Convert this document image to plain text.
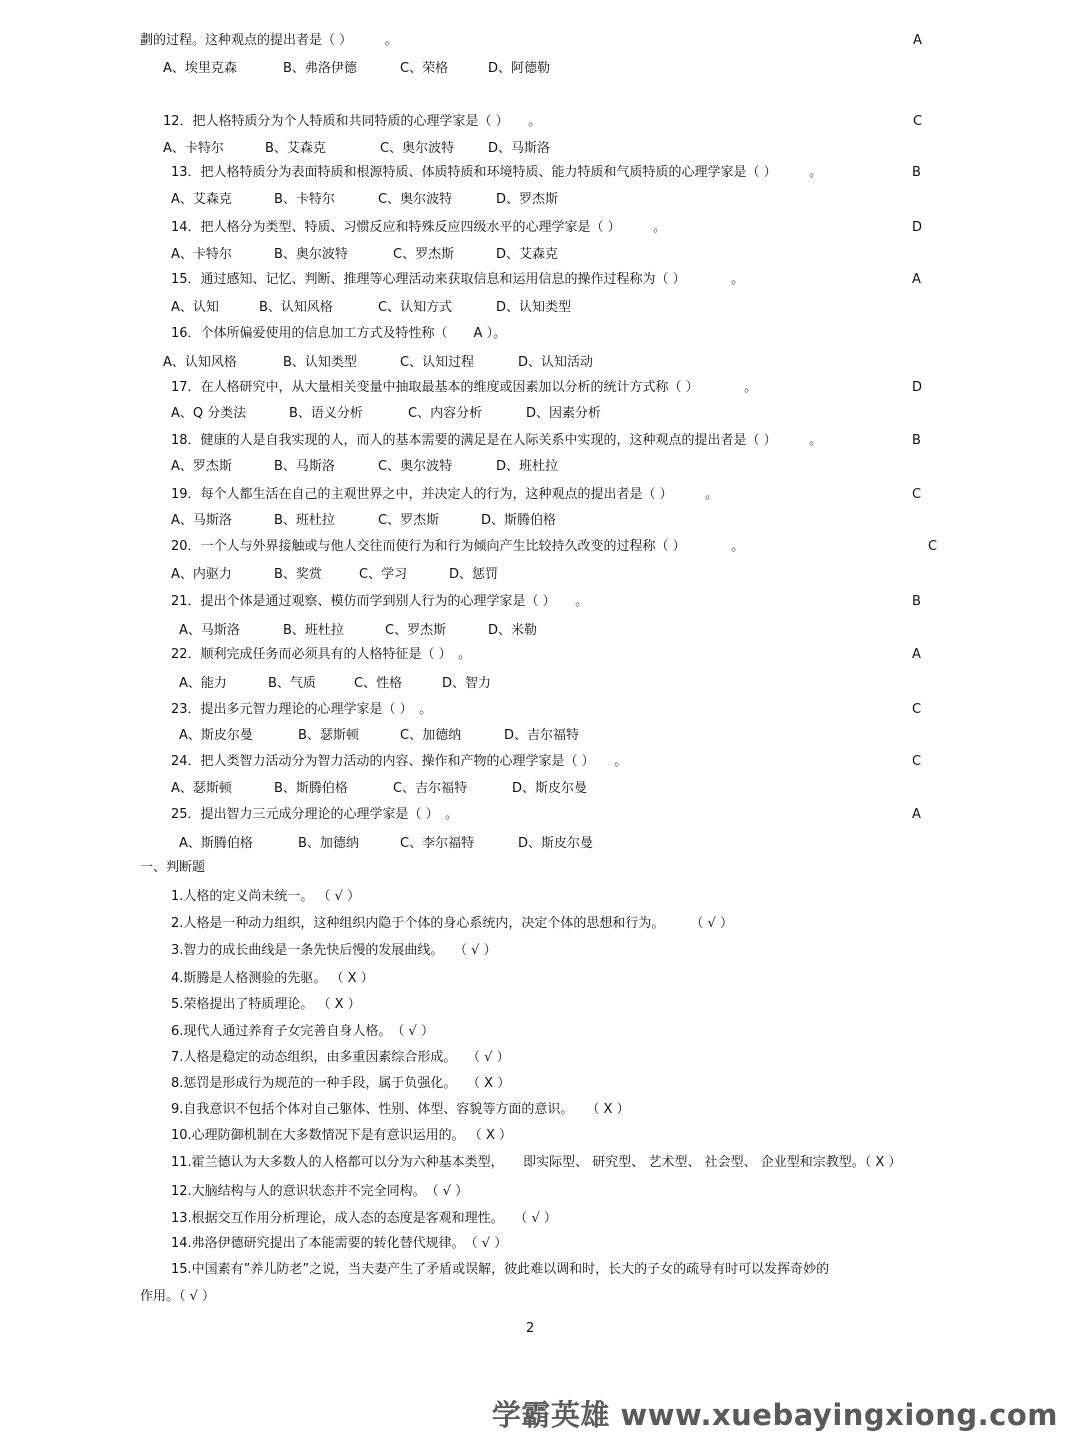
劃的过程。这种观点的提出者是（ ）　　　。	A
A、埃里克森	B、弗洛伊德	C、荣格	D、阿德勒
12．把人格特质分为个人特质和共同特质的心理学家是（ ）　　。	C
A、卡特尔	B、艾森克	C、奥尔波特	D、马斯洛
13．把人格特质分为表面特质和根源特质、体质特质和环境特质、能力特质和气质特质的心理学家是（ ）　　　。	B
A、艾森克	B、卡特尔	C、奥尔波特	D、罗杰斯
14．把人格分为类型、特质、习惯反应和特殊反应四级水平的心理学家是（ ）　　　。	D
A、卡特尔	B、奥尔波特	C、罗杰斯	D、艾森克
15．通过感知、记忆、判断、推理等心理活动来获取信息和运用信息的操作过程称为（ ）　　　　。	A
A、认知	B、认知风格	C、认知方式	D、认知类型
16．个体所偏爱使用的信息加工方式及特性称（　　A ）。
A、认知风格	B、认知类型	C、认知过程	D、认知活动
17．在人格研究中，从大量相关变量中抽取最基本的维度或因素加以分析的统计方式称（ ）　　　　。	D
A、Q 分类法	B、语义分析	C、内容分析	D、因素分析
18．健康的人是自我实现的人，而人的基本需要的满足是在人际关系中实现的，这种观点的提出者是（ ）　　　。	B
A、罗杰斯	B、马斯洛	C、奥尔波特	D、班杜拉
19．每个人都生活在自己的主观世界之中，并决定人的行为，这种观点的提出者是（ ）　　　。	C
A、马斯洛	B、班杜拉	C、罗杰斯	D、斯腾伯格
20．一个人与外界接触或与他人交往而使行为和行为倾向产生比较持久改变的过程称（ ）　　　　。	C
A、内驱力	B、奖赏	C、学习	D、惩罚
21．提出个体是通过观察、模仿而学到别人行为的心理学家是（ ）　　。	B
A、马斯洛	B、班杜拉	C、罗杰斯	D、米勒
22．顺利完成任务而必须具有的人格特征是（ ）　。	A
A、能力	B、气质	C、性格	D、智力
23．提出多元智力理论的心理学家是（ ）　。	C
A、斯皮尔曼	B、瑟斯顿	C、加德纳	D、吉尔福特
24．把人类智力活动分为智力活动的内容、操作和产物的心理学家是（ ）　　。	C
A、瑟斯顿	B、斯腾伯格	C、吉尔福特	D、斯皮尔曼
25．提出智力三元成分理论的心理学家是（ ）　。	A
A、斯腾伯格	B、加德纳	C、李尔福特	D、斯皮尔曼
一、判断题
1.人格的定义尚未统一。 （ √ ）
2.人格是一种动力组织，这种组织内隐于个体的身心系统内，决定个体的思想和行为。　　　（ √ ）
3.智力的成长曲线是一条先快后慢的发展曲线。　 （ √ ）
4.斯腾是人格测验的先驱。 （ X ）
5.荣格提出了特质理论。 （ X ）
6.现代人通过养育子女完善自身人格。　（ √ ）
7.人格是稳定的动态组织，由多重因素综合形成。　 （ √ ）
8.惩罚是形成行为规范的一种手段，属于负强化。　 （ X ）
9.自我意识不包括个体对自己躯体、性别、体型、容貌等方面的意识。　　（ X ）
10.心理防御机制在大多数情况下是有意识运用的。 （ X ）
11.霍兰德认为大多数人的人格都可以分为六种基本类型，　　即实际型、 研究型、 艺术型、 社会型、 企业型和宗教型。（ X ）
12.大脑结构与人的意识状态并不完全同构。　（ √ ）
13.根据交互作用分析理论，成人态的态度是客观和理性。　 （ √ ）
14.弗洛伊德研究提出了本能需要的转化替代规律。　（ √ ）
15.中国素有”养儿防老”之说，当夫妻产生了矛盾或误解，彼此难以调和时，长大的子女的疏导有时可以发挥奇妙的
作用。（ √ ）
2
学霸英雄 www.xuebayingxiong.com
